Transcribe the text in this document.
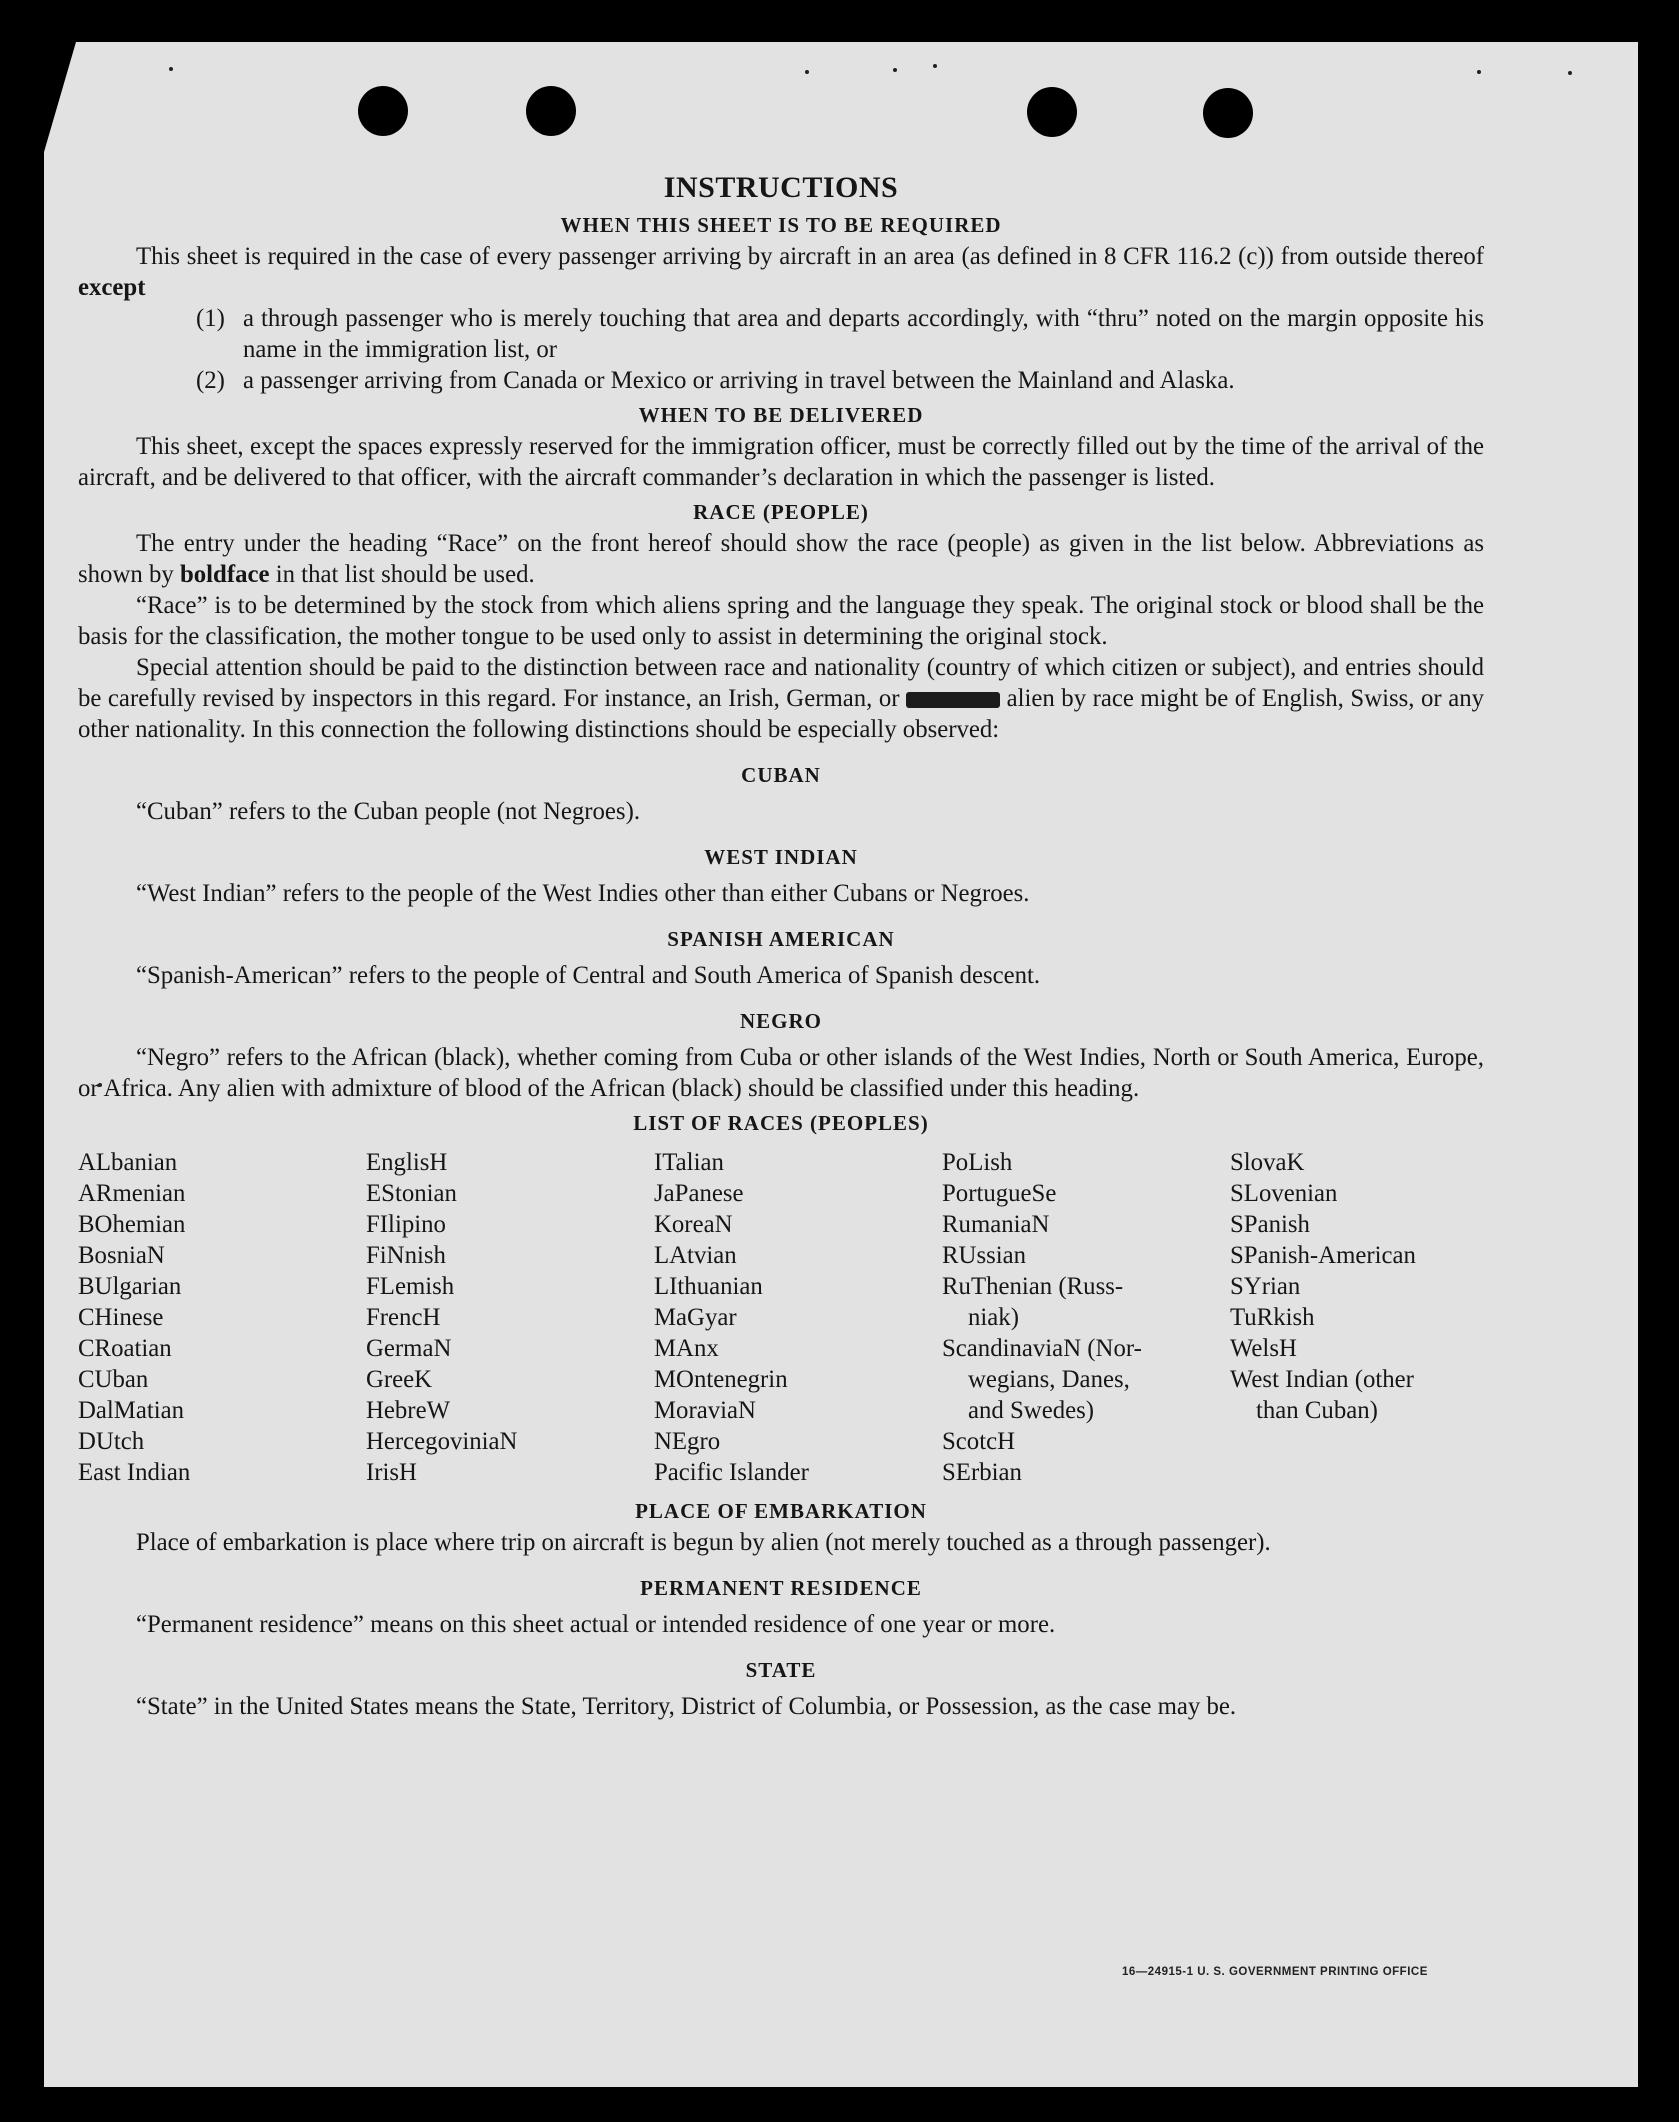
INSTRUCTIONS
WHEN THIS SHEET IS TO BE REQUIRED

This sheet is required in the case of every passenger arriving by aircraft in an area (as defined in 8 CFR 116.2 (c)) from outside thereof except

(1) a through passenger who is merely touching that area and departs accordingly, with “thru” noted on the margin opposite his name in the immigration list, or
(2) a passenger arriving from Canada or Mexico or arriving in travel between the Mainland and Alaska.
WHEN TO BE DELIVERED

This sheet, except the spaces expressly reserved for the immigration officer, must be correctly filled out by the time of the arrival of the aircraft, and be delivered to that officer, with the aircraft commander’s declaration in which the passenger is listed.

RACE (PEOPLE)

The entry under the heading “Race” on the front hereof should show the race (people) as given in the list below. Abbreviations as shown by boldface in that list should be used.

“Race” is to be determined by the stock from which aliens spring and the language they speak. The original stock or blood shall be the basis for the classification, the mother tongue to be used only to assist in determining the original stock.

Special attention should be paid to the distinction between race and nationality (country of which citizen or subject), and entries should be carefully revised by inspectors in this regard. For instance, an Irish, German, or	alien by race might be of English, Swiss, or any other nationality. In this connection the following distinctions should be especially observed:

CUBAN

“Cuban” refers to the Cuban people (not Negroes).

WEST INDIAN

“West Indian” refers to the people of the West Indies other than either Cubans or Negroes.

SPANISH AMERICAN

“Spanish-American” refers to the people of Central and South America of Spanish descent.

NEGRO

“Negro” refers to the African (black), whether coming from Cuba or other islands of the West Indies, North or South America, Europe, or Africa. Any alien with admixture of blood of the African (black) should be classified under this heading.

LIST OF RACES (PEOPLES)
ALbanian
ARmenian
BOhemian
BosniaN
BUlgarian
CHinese
CRoatian
CUban
DalMatian
DUtch
East Indian
EnglisH
EStonian
FIlipino
FiNnish
FLemish
FrencH
GermaN
GreeK
HebreW
HercegoviniaN
IrisH
ITalian
JaPanese
KoreaN
LAtvian
LIthuanian
MaGyar
MAnx
MOntenegrin
MoraviaN
NEgro
Pacific Islander
PoLish
PortugueSe
RumaniaN
RUssian
RuThenian (Russ-
niak)
ScandinaviaN (Nor-
wegians, Danes,
and Swedes)
ScotcH
SErbian
SlovaK
SLovenian
SPanish
SPanish-American
SYrian
TuRkish
WelsH
West Indian (other
than Cuban)
PLACE OF EMBARKATION

Place of embarkation is place where trip on aircraft is begun by alien (not merely touched as a through passenger).

PERMANENT RESIDENCE

“Permanent residence” means on this sheet actual or intended residence of one year or more.

STATE

“State” in the United States means the State, Territory, District of Columbia, or Possession, as the case may be.

16—24915-1 U. S. GOVERNMENT PRINTING OFFICE
